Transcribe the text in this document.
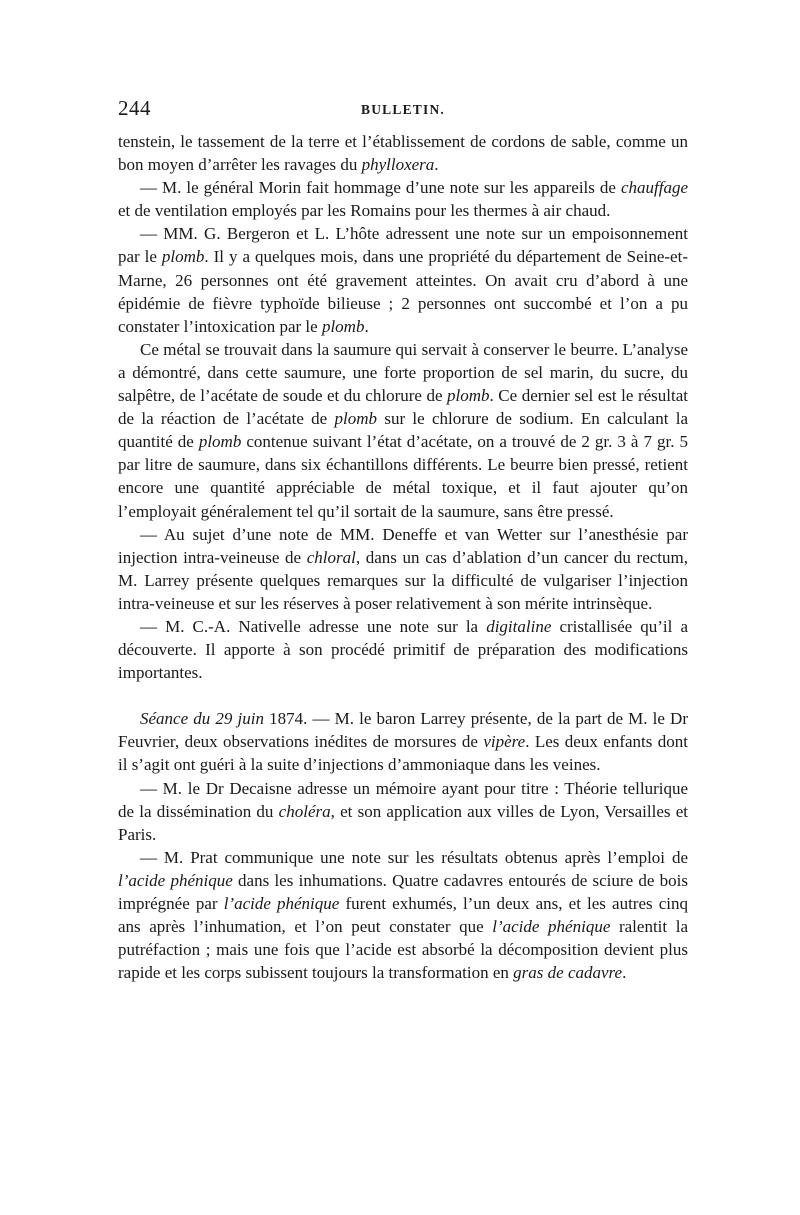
244	BULLETIN.

tenstein, le tassement de la terre et l’établissement de cordons de sable, comme un bon moyen d’arrêter les ravages du phylloxera.

— M. le général Morin fait hommage d’une note sur les appareils de chauffage et de ventilation employés par les Romains pour les thermes à air chaud.

— MM. G. Bergeron et L. L’hôte adressent une note sur un empoisonnement par le plomb. Il y a quelques mois, dans une propriété du département de Seine-et-Marne, 26 personnes ont été gravement atteintes. On avait cru d’abord à une épidémie de fièvre typhoïde bilieuse ; 2 personnes ont succombé et l’on a pu constater l’intoxication par le plomb.

Ce métal se trouvait dans la saumure qui servait à conserver le beurre. L’analyse a démontré, dans cette saumure, une forte proportion de sel marin, du sucre, du salpêtre, de l’acétate de soude et du chlorure de plomb. Ce dernier sel est le résultat de la réaction de l’acétate de plomb sur le chlorure de sodium. En calculant la quantité de plomb contenue suivant l’état d’acétate, on a trouvé de 2 gr. 3 à 7 gr. 5 par litre de saumure, dans six échantillons différents. Le beurre bien pressé, retient encore une quantité appréciable de métal toxique, et il faut ajouter qu’on l’employait généralement tel qu’il sortait de la saumure, sans être pressé.

— Au sujet d’une note de MM. Deneffe et van Wetter sur l’anesthésie par injection intra-veineuse de chloral, dans un cas d’ablation d’un cancer du rectum, M. Larrey présente quelques remarques sur la difficulté de vulgariser l’injection intra-veineuse et sur les réserves à poser relativement à son mérite intrinsèque.

— M. C.-A. Nativelle adresse une note sur la digitaline cristallisée qu’il a découverte. Il apporte à son procédé primitif de préparation des modifications importantes.

Séance du 29 juin 1874. — M. le baron Larrey présente, de la part de M. le Dr Feuvrier, deux observations inédites de morsures de vipère. Les deux enfants dont il s’agit ont guéri à la suite d’injections d’ammoniaque dans les veines.

— M. le Dr Decaisne adresse un mémoire ayant pour titre : Théorie tellurique de la dissémination du choléra, et son application aux villes de Lyon, Versailles et Paris.

— M. Prat communique une note sur les résultats obtenus après l’emploi de l’acide phénique dans les inhumations. Quatre cadavres entourés de sciure de bois imprégnée par l’acide phénique furent exhumés, l’un deux ans, et les autres cinq ans après l’inhumation, et l’on peut constater que l’acide phénique ralentit la putréfaction ; mais une fois que l’acide est absorbé la décomposition devient plus rapide et les corps subissent toujours la transformation en gras de cadavre.
